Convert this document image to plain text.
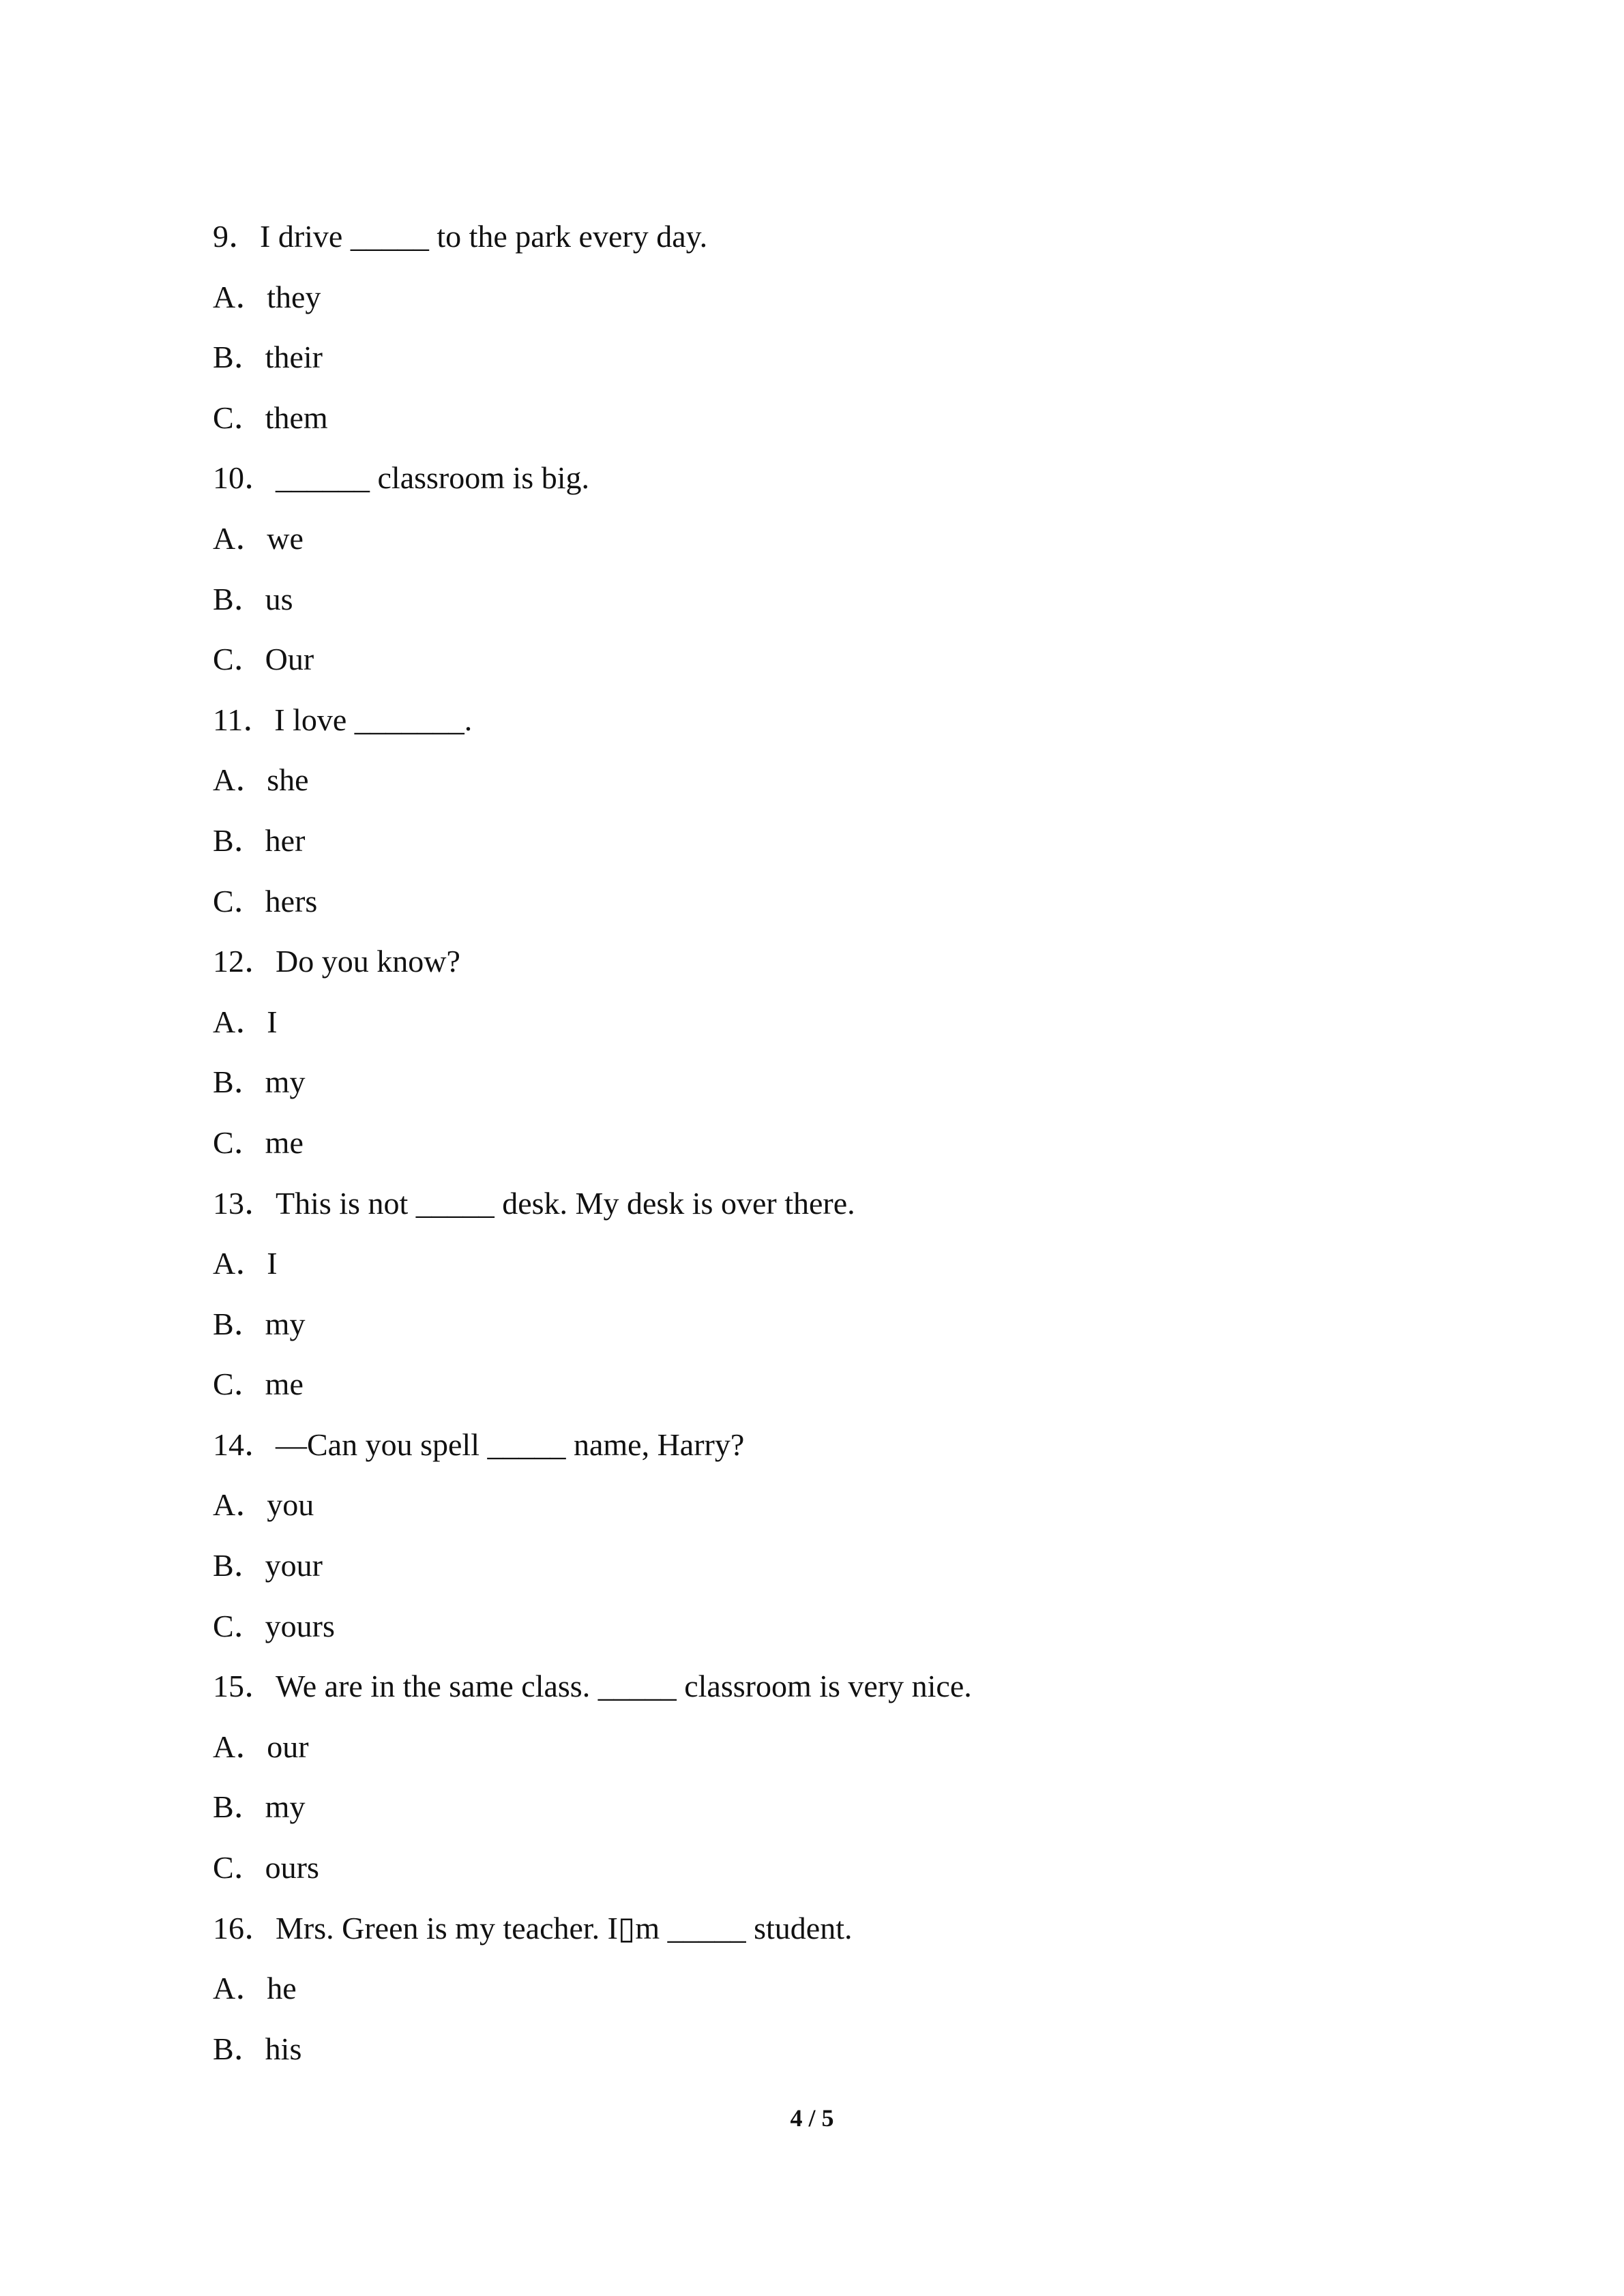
9．I drive _____ to the park every day.
A．they
B．their
C．them
10．______ classroom is big.
A．we
B．us
C．Our
11．I love _______.
A．she
B．her
C．hers
12．Do you know?
A．I
B．my
C．me
13．This is not _____ desk. My desk is over there.
A．I
B．my
C．me
14．—Can you spell _____ name, Harry?
A．you
B．your
C．yours
15．We are in the same class. _____ classroom is very nice.
A．our
B．my
C．ours
16．Mrs. Green is my teacher. I▯m _____ student.
A．he
B．his
4 / 5
